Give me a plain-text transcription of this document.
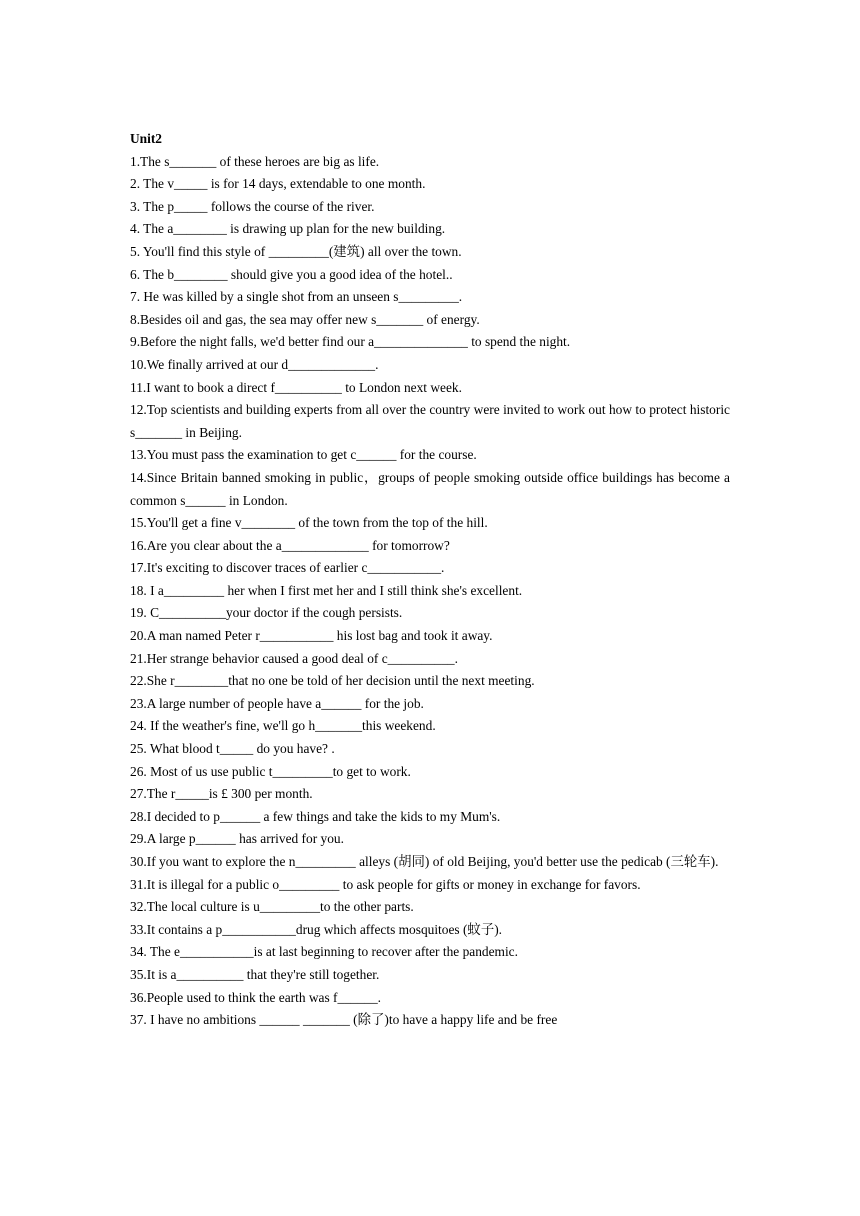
Unit2

1.The s_______ of these heroes are big as life.

2. The v_____ is for 14 days, extendable to one month.

3. The p_____ follows the course of the river.

4. The a________ is drawing up plan for the new building.

5. You'll find this style of _________(建筑) all over the town.

6. The b________ should give you a good idea of the hotel..

7. He was killed by a single shot from an unseen s_________.

8.Besides oil and gas, the sea may offer new s_______ of energy.

9.Before the night falls, we'd better find our a______________ to spend the night.

10.We finally arrived at our d_____________.

11.I want to book a direct f__________ to London next week.

12.Top scientists and building experts from all over the country were invited to work out how to protect historic s_______ in Beijing.

13.You must pass the examination to get c______ for the course.

14.Since Britain banned smoking in public，groups of people smoking outside office buildings has become a common s______ in London.

15.You'll get a fine v________ of the town from the top of the hill.

16.Are you clear about the a_____________ for tomorrow?

17.It's exciting to discover traces of earlier c___________.

18. I a_________ her when I first met her and I still think she's excellent.

19. C__________your doctor if the cough persists.

20.A man named Peter r___________ his lost bag and took it away.

21.Her strange behavior caused a good deal of c__________.

22.She r________that no one be told of her decision until the next meeting.

23.A large number of people have a______ for the job.

24. If the weather's fine, we'll go h_______this weekend.

25. What blood t_____ do you have? .

26. Most of us use public t_________to get to work.

27.The r_____is £ 300 per month.

28.I decided to p______ a few things and take the kids to my Mum's.

29.A large p______ has arrived for you.

30.If you want to explore the n_________ alleys (胡同) of old Beijing, you'd better use the pedicab (三轮车).

31.It is illegal for a public o_________ to ask people for gifts or money in exchange for favors.

32.The local culture is u_________to the other parts.

33.It contains a p___________drug which affects mosquitoes (蚊子).

34. The e___________is at last beginning to recover after the pandemic.

35.It is a__________ that they're still together.

36.People used to think the earth was f______.

37. I have no ambitions ______ _______ (除了)to have a happy life and be free
